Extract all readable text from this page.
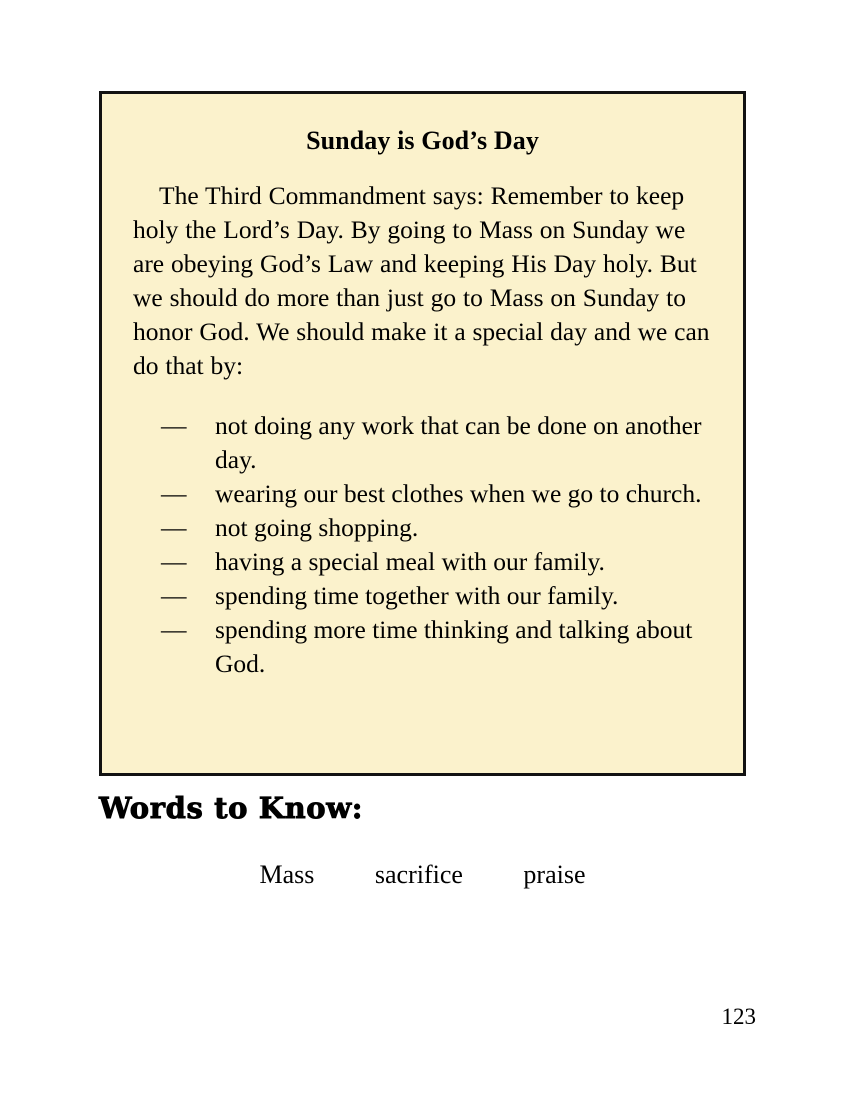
Sunday is God’s Day

The Third Commandment says: Remember to keep holy the Lord’s Day. By going to Mass on Sunday we are obeying God’s Law and keeping His Day holy. But we should do more than just go to Mass on Sunday to honor God. We should make it a special day and we can do that by:

—	not doing any work that can be done on another day.
—	wearing our best clothes when we go to church.
—	not going shopping.
—	having a special meal with our family.
—	spending time together with our family.
—	spending more time thinking and talking about God.
Words to Know:
Mass sacrifice praise
123
